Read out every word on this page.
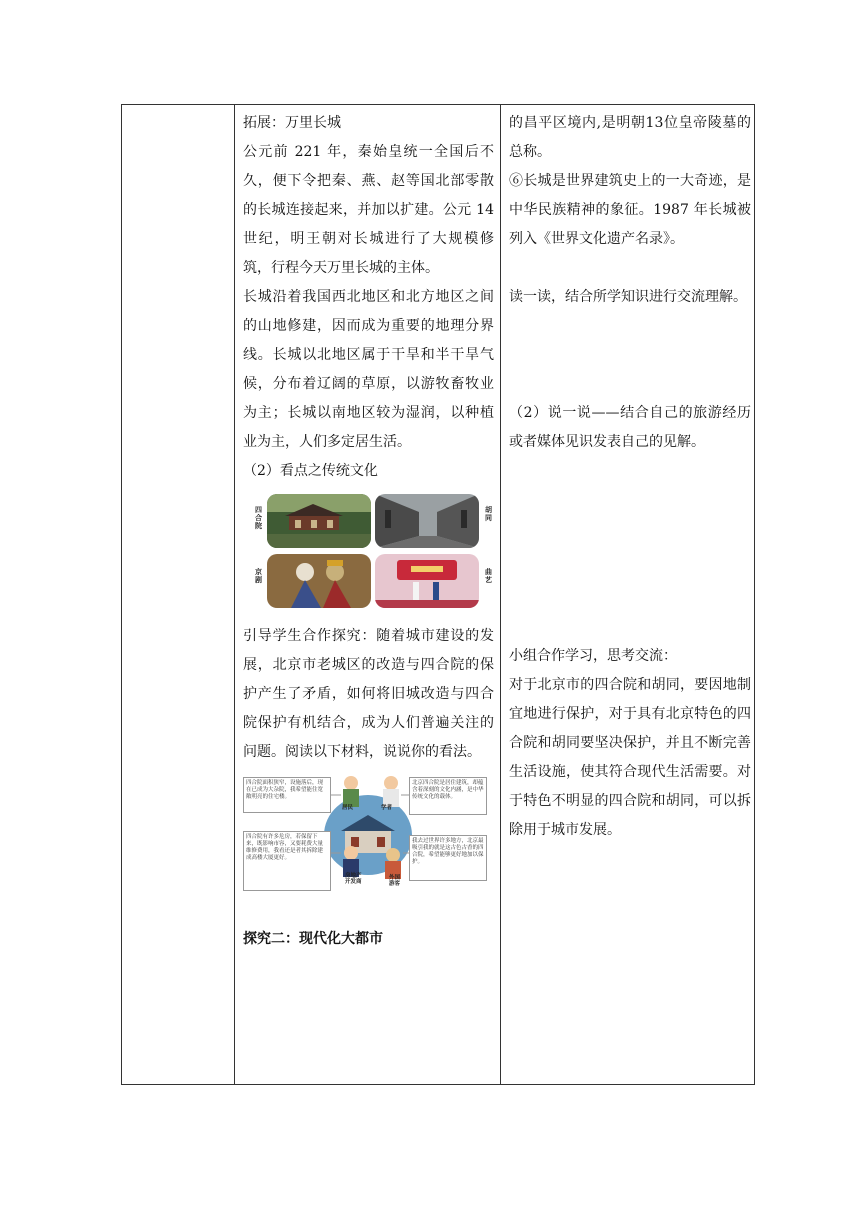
拓展：万里长城

公元前 221 年，秦始皇统一全国后不久，便下令把秦、燕、赵等国北部零散的长城连接起来，并加以扩建。公元 14 世纪，明王朝对长城进行了大规模修筑，行程今天万里长城的主体。

长城沿着我国西北地区和北方地区之间的山地修建，因而成为重要的地理分界线。长城以北地区属于干旱和半干旱气候，分布着辽阔的草原，以游牧畜牧业为主；长城以南地区较为湿润，以种植业为主，人们多定居生活。

（2）看点之传统文化

四合院
胡同
京剧
曲艺

引导学生合作探究：随着城市建设的发展，北京市老城区的改造与四合院的保护产生了矛盾，如何将旧城改造与四合院保护有机结合，成为人们普遍关注的问题。阅读以下材料，说说你的看法。

四合院面积狭窄，设施落后，现在已成为大杂院，我希望能住宽敞明亮的住宅楼。
北京四合院是居住建筑，却蕴含着深刻的文化内涵，是中华传统文化的载体。
四合院有许多危房，若保留下来，既影响市容，又要耗费大量维修费用，我看还是者其拆除建成高楼大厦更好。
我去过世界许多地方，北京最吸引我的就是这古色古香的四合院，希望能够更好地加以保护。
居民	学者
房地产开发商
外国游客

探究二：现代化大都市

的昌平区境内,是明朝13位皇帝陵墓的总称。

⑥长城是世界建筑史上的一大奇迹，是中华民族精神的象征。1987 年长城被列入《世界文化遗产名录》。

读一读，结合所学知识进行交流理解。

（2）说一说——结合自己的旅游经历或者媒体见识发表自己的见解。

小组合作学习，思考交流：

对于北京市的四合院和胡同，要因地制宜地进行保护，对于具有北京特色的四合院和胡同要坚决保护，并且不断完善生活设施，使其符合现代生活需要。对于特色不明显的四合院和胡同，可以拆除用于城市发展。
